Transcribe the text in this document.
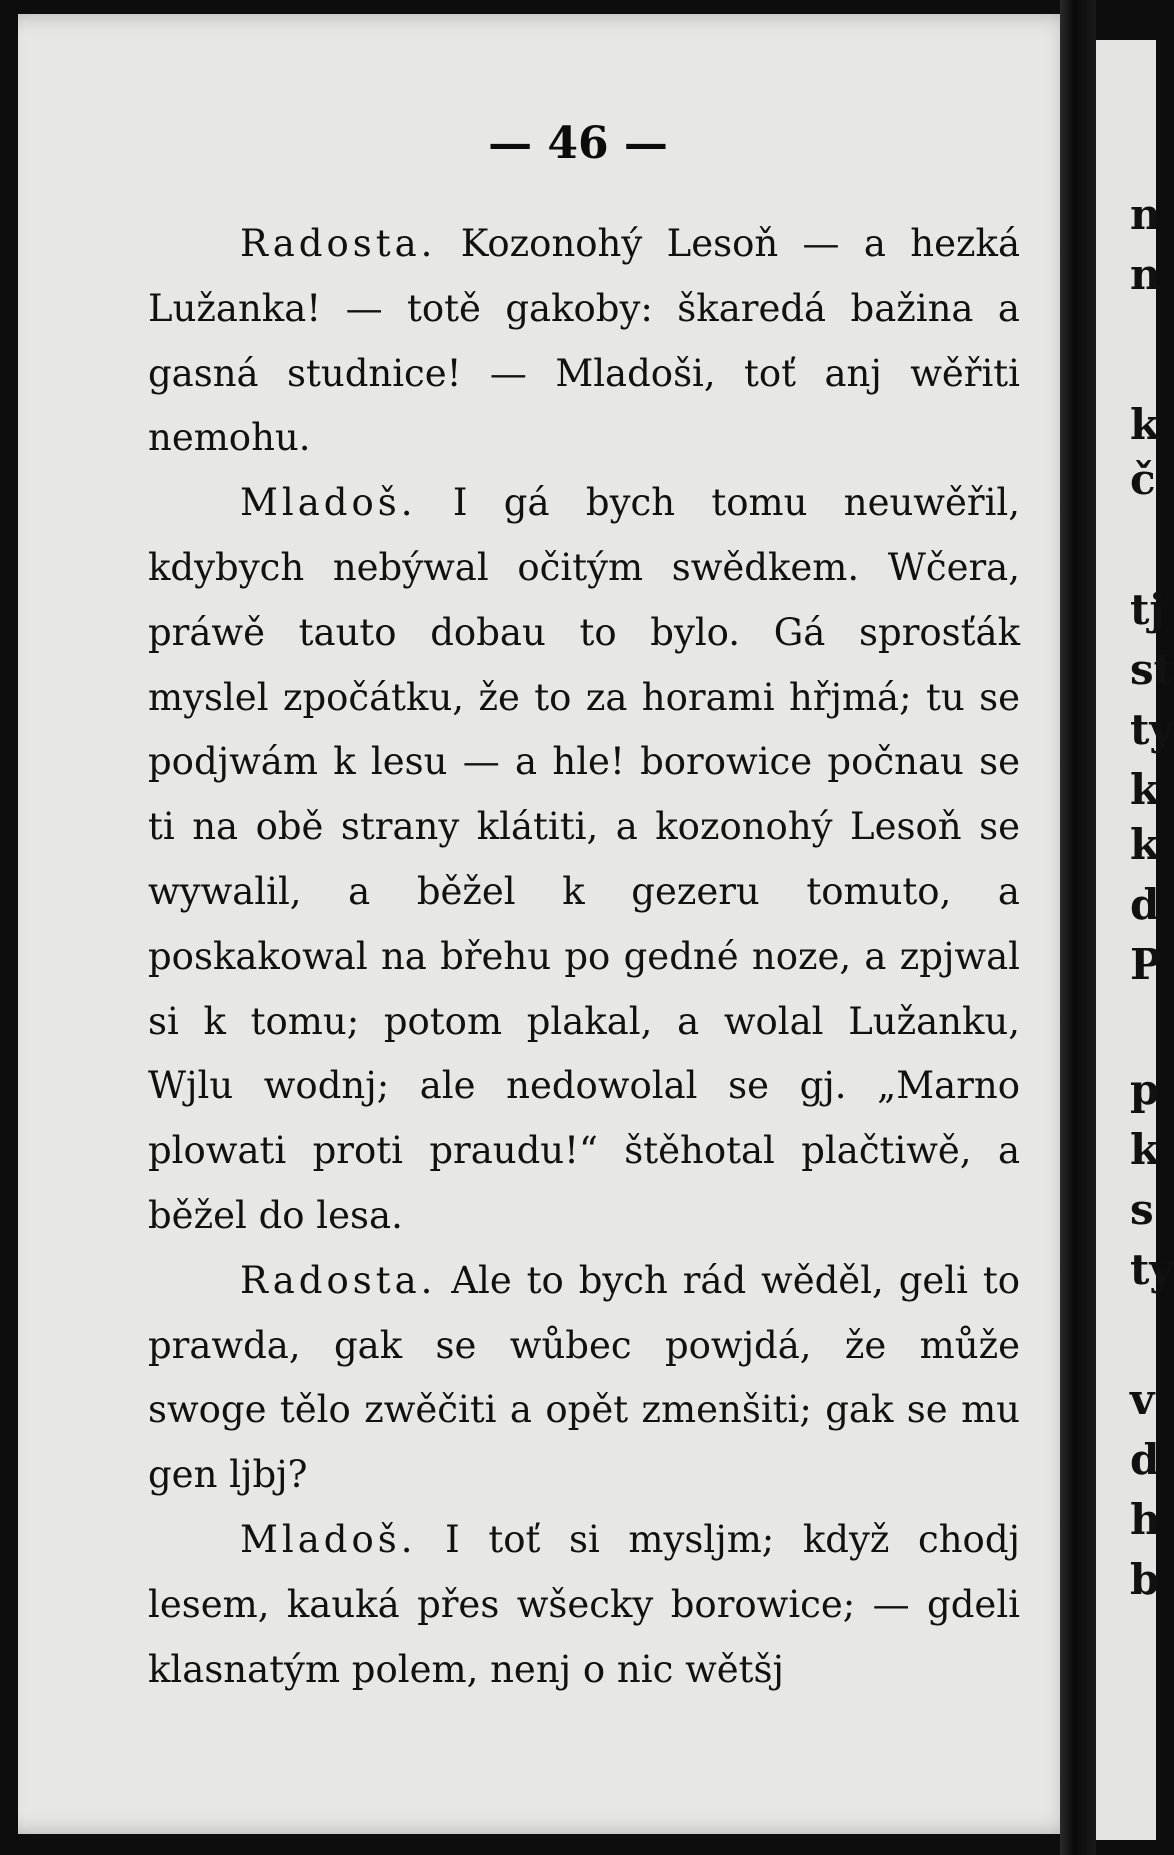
n
n
k
č
tj
st
ty
k
k
d
P
p
k
s
ty
v
d
h
b
— 46 —

Radosta. Kozonohý Lesoň — a hezká Lužanka! — totě gakoby: škaredá bažina a gasná studnice! — Mladoši, toť anj wěřiti nemohu.

Mladoš. I gá bych tomu neuwěřil, kdybych nebýwal očitým swědkem. Wčera, práwě tauto dobau to bylo. Gá sprosťák myslel zpočátku, že to za horami hřjmá; tu se podjwám k lesu — a hle! borowice počnau se ti na obě strany klátiti, a kozonohý Lesoň se wywalil, a běžel k gezeru tomuto, a poskakowal na břehu po gedné noze, a zpjwal si k tomu; potom plakal, a wolal Lužanku, Wjlu wodnj; ale nedowolal se gj. „Marno plowati proti praudu!“ štěhotal plačtiwě, a běžel do lesa.

Radosta. Ale to bych rád wěděl, geli to prawda, gak se wůbec powjdá, že může swoge tělo zwěčiti a opět zmenšiti; gak se mu gen ljbj?

Mladoš. I toť si mysljm; když chodj lesem, kauká přes wšecky borowice; — gdeli klasnatým polem, nenj o nic wětšj
